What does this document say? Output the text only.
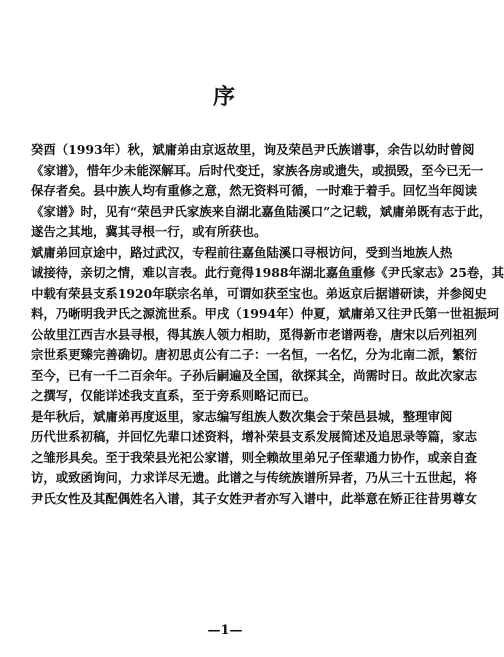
序
癸酉（1993年）秋，斌庸弟由京返故里，询及荣邑尹氏族谱事，余告以幼时曾阅
《家谱》，惜年少未能深解耳。后时代变迁，家族各房或遗失，或损毁，至今已无一
保存者矣。县中族人均有重修之意，然无资料可循，一时难于着手。回忆当年阅读
《家谱》时，见有“荣邑尹氏家族来自湖北嘉鱼陆溪口”之记载，斌庸弟既有志于此，
遂告之其地，冀其寻根一行，或有所获也。
斌庸弟回京途中，路过武汉，专程前往嘉鱼陆溪口寻根访问，受到当地族人热
诚接待，亲切之情，难以言表。此行竟得1988年湖北嘉鱼重修《尹氏家志》25卷，其
中载有荣县支系1920年联宗名单，可谓如获至宝也。弟返京后据谱研读，并参阅史
料，乃晰明我尹氏之源流世系。甲戌（1994年）仲夏，斌庸弟又往尹氏第一世祖振珂
公故里江西吉水县寻根，得其族人领力相助，觅得新市老谱两卷，唐宋以后列祖列
宗世系更臻完善确切。唐初思贞公有二子：一名恒，一名忆，分为北南二派，繁衍
至今，已有一千二百余年。子孙后嗣遍及全国，欲探其全，尚需时日。故此次家志
之撰写，仅能详述我支直系，至于旁系则略记而已。
是年秋后，斌庸弟再度返里，家志编写组族人数次集会于荣邑县城，整理审阅
历代世系初稿，并回忆先辈口述资料，增补荣县支系发展简述及追思录等篇，家志
之雏形具矣。至于我荣县光祀公家谱，则全赖故里弟兄子侄辈通力协作，或亲自查
访，或致函询问，力求详尽无遗。此谱之与传统族谱所异者，乃从三十五世起，将
尹氏女性及其配偶姓名入谱，其子女姓尹者亦写入谱中，此举意在矫正往昔男尊女
—1—
